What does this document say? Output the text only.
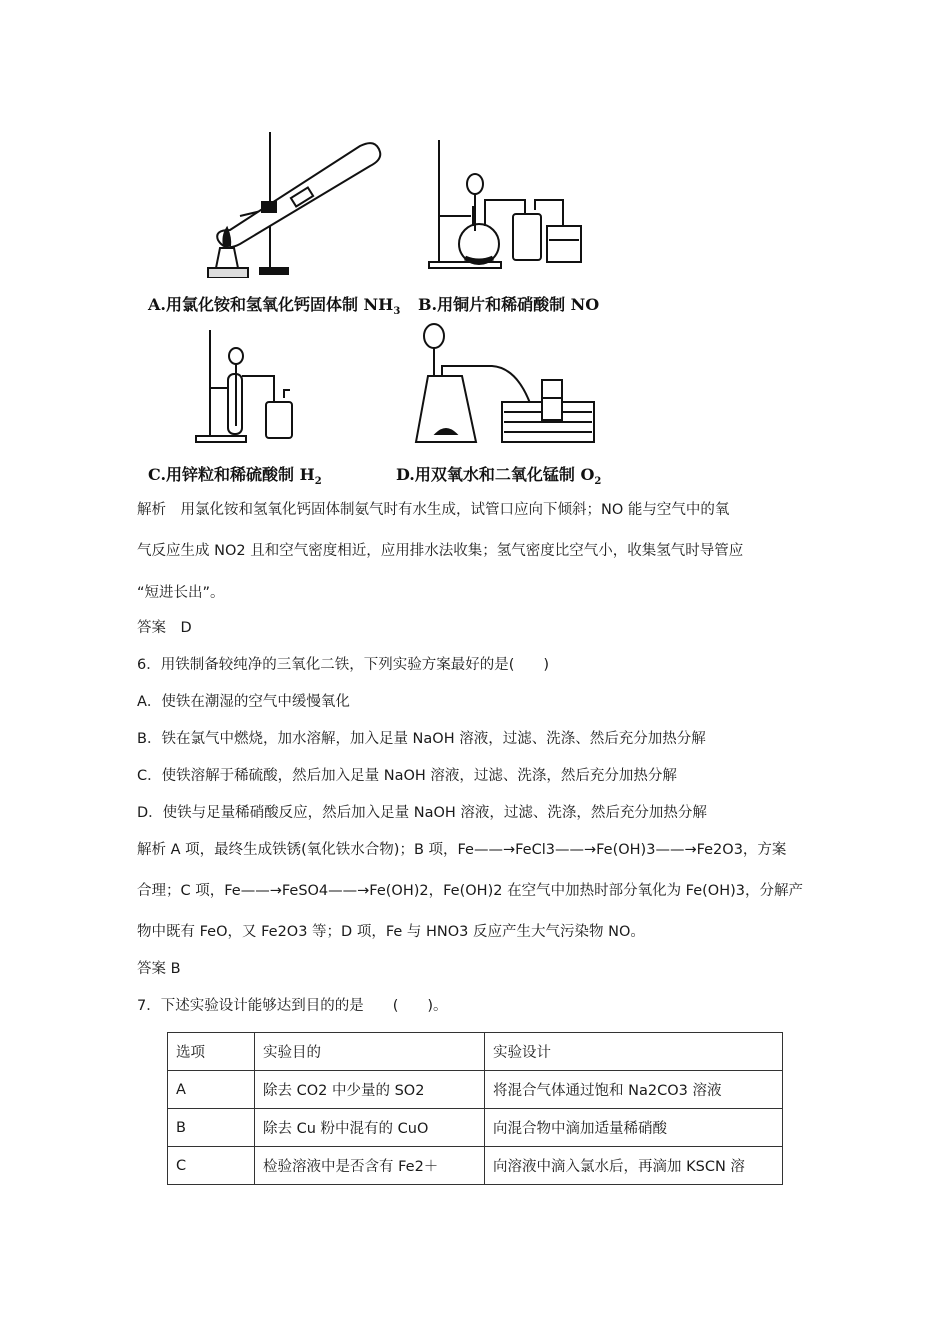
A.用氯化铵和氢氧化钙固体制 $NH_3$ B.用铜片和稀硝酸制 NO
C.用锌粒和稀硫酸制 $H_2$	D.用双氧水和二氧化锰制 $O_2$
解析　用氯化铵和氢氧化钙固体制氨气时有水生成，试管口应向下倾斜；NO 能与空气中的氧
气反应生成 NO2 且和空气密度相近，应用排水法收集；氢气密度比空气小，收集氢气时导管应
“短进长出”。
答案　D
6．用铁制备较纯净的三氧化二铁，下列实验方案最好的是(　　)
A．使铁在潮湿的空气中缓慢氧化
B．铁在氯气中燃烧，加水溶解，加入足量 NaOH 溶液，过滤、洗涤、然后充分加热分解
C．使铁溶解于稀硫酸，然后加入足量 NaOH 溶液，过滤、洗涤，然后充分加热分解
D．使铁与足量稀硝酸反应，然后加入足量 NaOH 溶液，过滤、洗涤，然后充分加热分解
解析 A 项，最终生成铁锈(氧化铁水合物)；B 项，Fe——→FeCl3——→Fe(OH)3——→Fe2O3，方案
合理；C 项，Fe——→FeSO4——→Fe(OH)2，Fe(OH)2 在空气中加热时部分氧化为 Fe(OH)3，分解产
物中既有 FeO，又 Fe2O3 等；D 项，Fe 与 HNO3 反应产生大气污染物 NO。
答案 B
7．下述实验设计能够达到目的的是　　(　　)。
选项	实验目的	实验设计
A	除去 CO2 中少量的 SO2	将混合气体通过饱和 Na2CO3 溶液
B	除去 Cu 粉中混有的 CuO	向混合物中滴加适量稀硝酸
C	检验溶液中是否含有 Fe2＋	向溶液中滴入氯水后，再滴加 KSCN 溶
